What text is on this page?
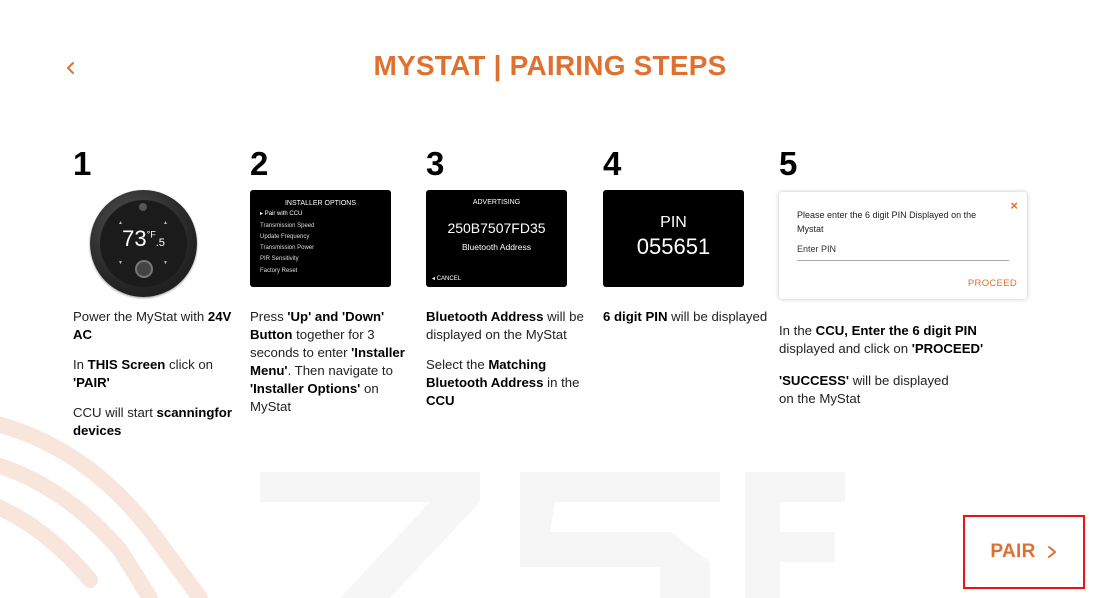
MYSTAT | PAIRING STEPS
1
▲	▲
▼	▼
$73^{^\circ F}.5$

Power the MyStat with 24V AC

In THIS Screen click on 'PAIR'

CCU will start scanningfor devices

2
INSTALLER OPTIONS
▸ Pair with CCU
Transmission Speed
Update Frequency
Transmission Power
PIR Sensitivity
Factory Reset

Press 'Up' and 'Down' Button together for 3 seconds to enter 'Installer Menu'. Then navigate to 'Installer Options' on MyStat

3
ADVERTISING
250B7507FD35
Bluetooth Address
◂ CANCEL

Bluetooth Address will be displayed on the MyStat

Select the Matching Bluetooth Address in the CCU

4
PIN
055651

6 digit PIN will be displayed

5
×
Please enter the 6 digit PIN Displayed on the Mystat
Enter PIN
PROCEED

In the CCU, Enter the 6 digit PIN displayed and click on 'PROCEED'

'SUCCESS' will be displayed on the MyStat

PAIR
